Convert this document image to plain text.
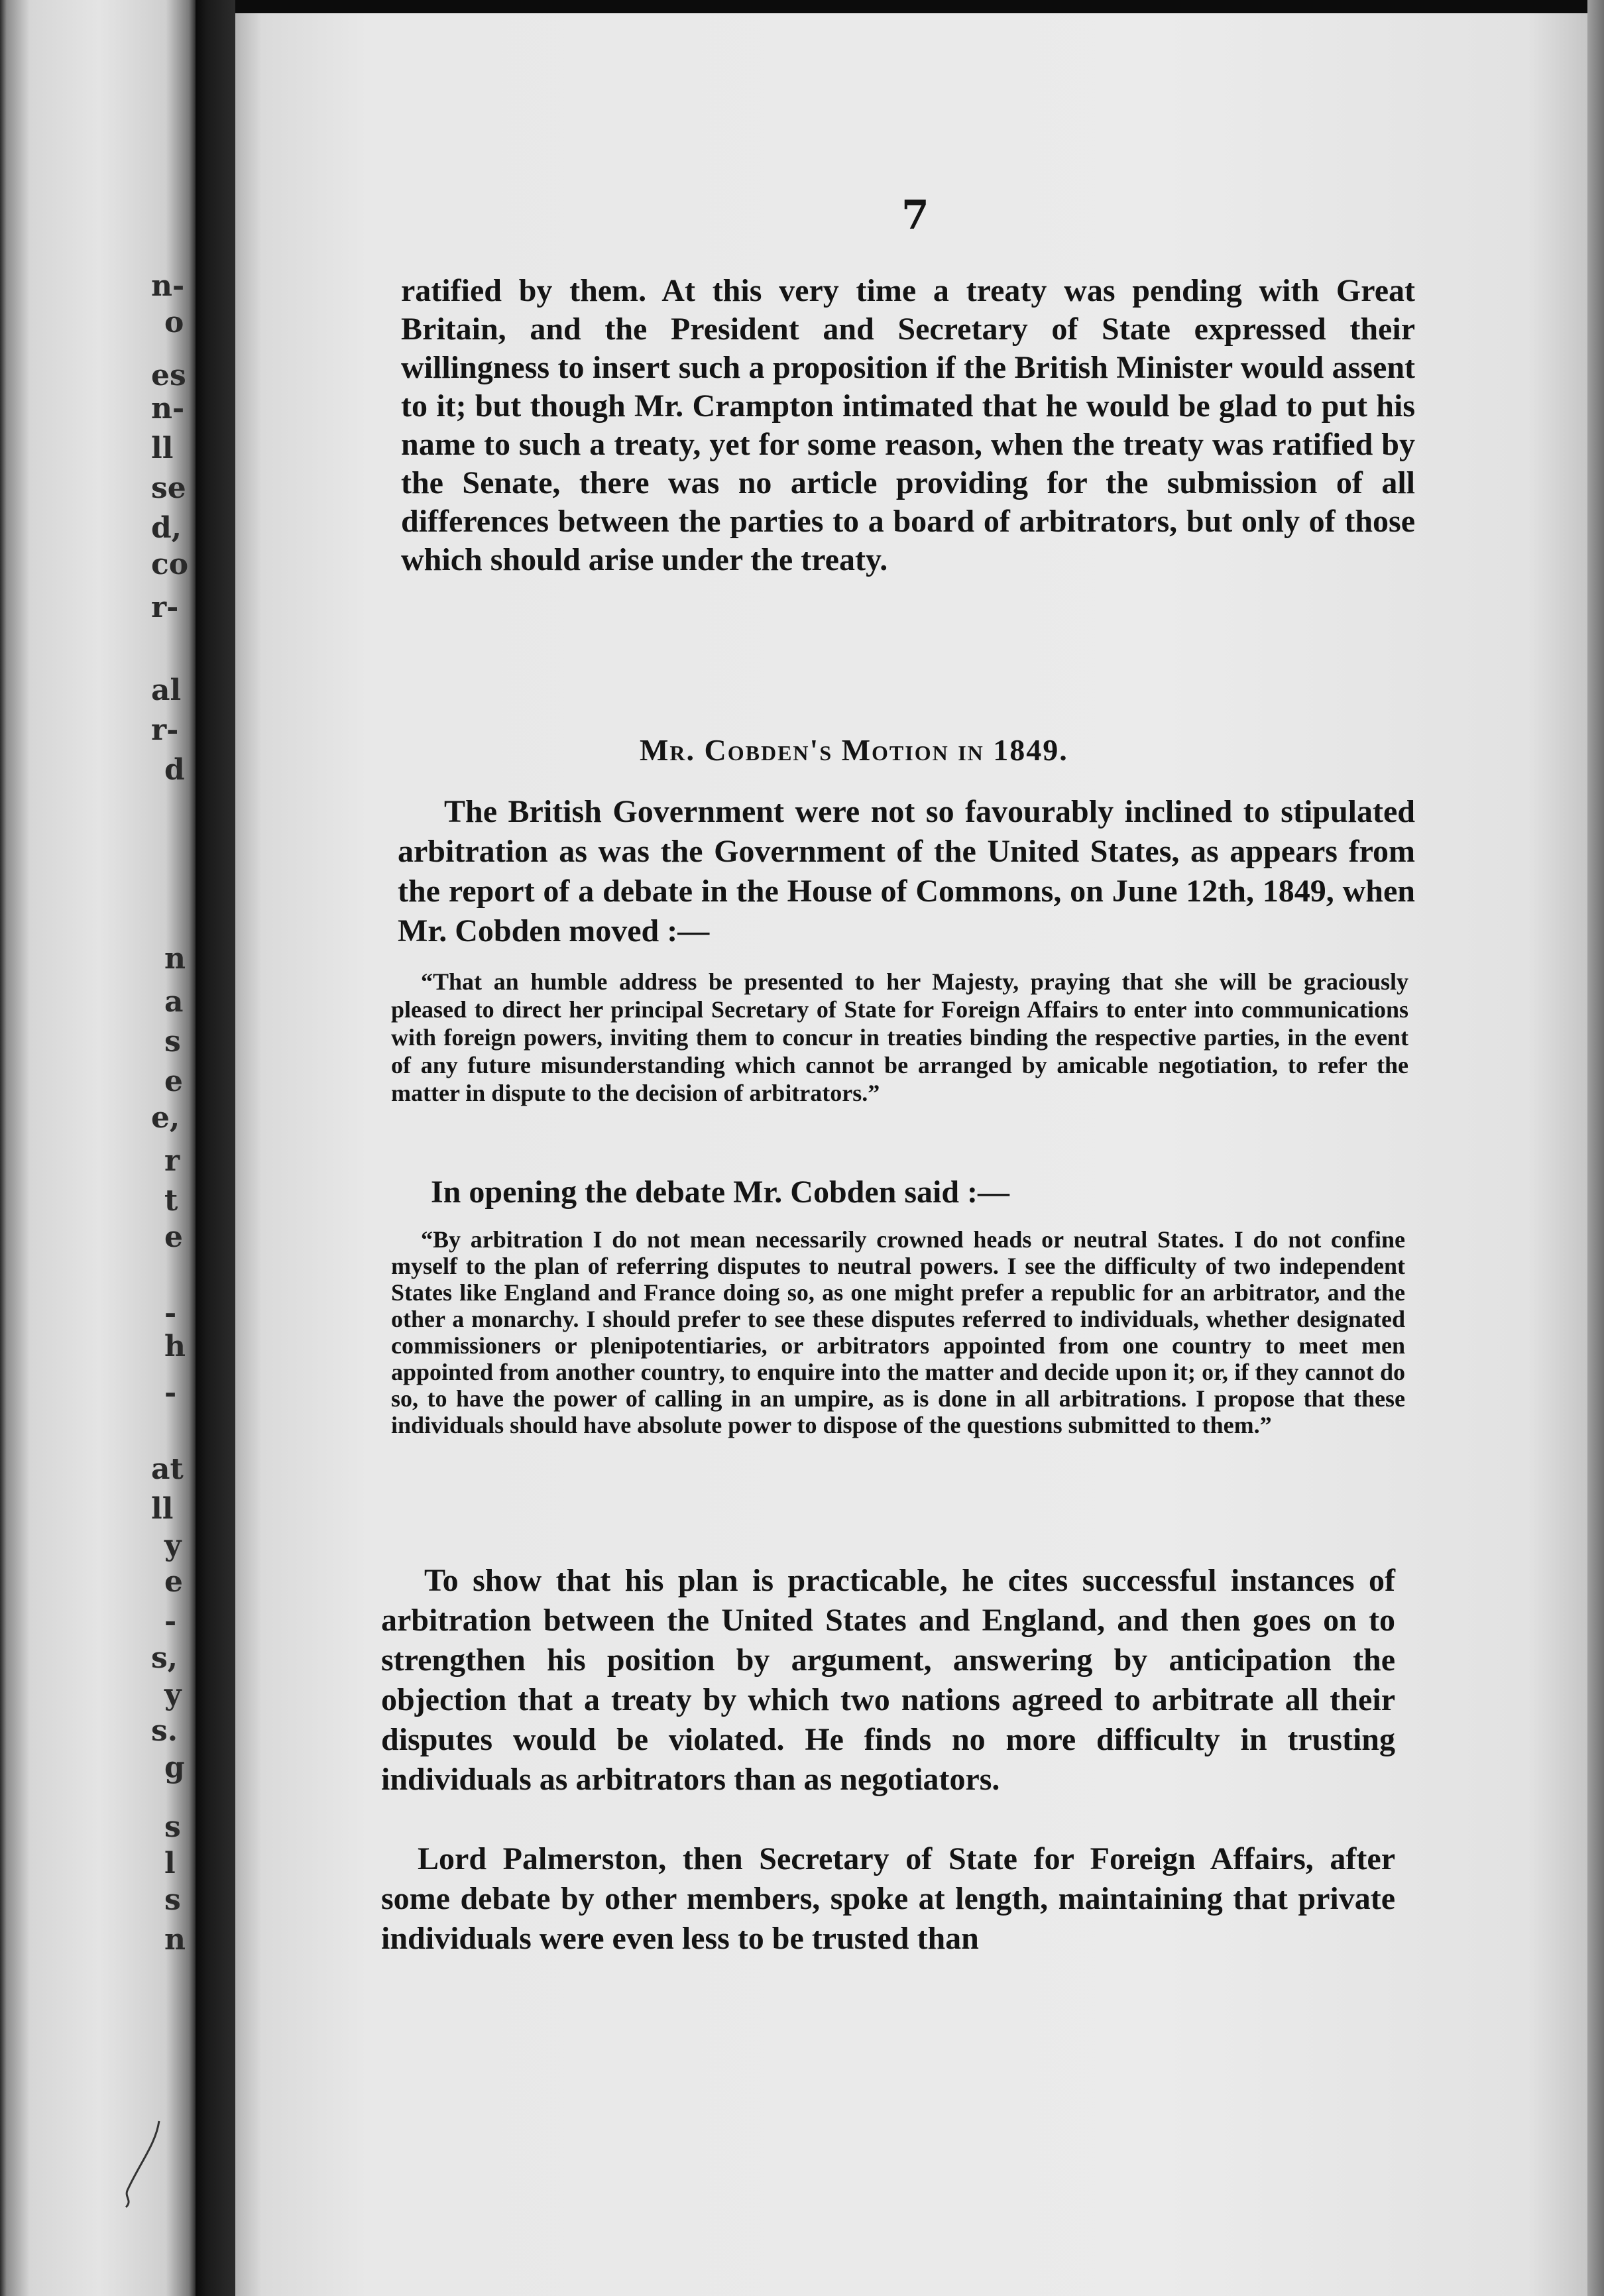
n-
o
es
n-
ll
se
d,
co
r-
al
r-
d
n
a
s
e
e,
r
t
e
-
h
-
at
ll
y
e
-
s,
y
s.
g
s
l
s
n
7
ratified by them. At this very time a treaty was pending with Great Britain, and the President and Secretary of State expressed their willingness to insert such a proposition if the British Minister would assent to it; but though Mr. Crampton intimated that he would be glad to put his name to such a treaty, yet for some reason, when the treaty was ratified by the Senate, there was no article providing for the submission of all differences between the parties to a board of arbitrators, but only of those which should arise under the treaty.
Mr. Cobden's Motion in 1849.
The British Government were not so favourably inclined to stipulated arbitration as was the Government of the United States, as appears from the report of a debate in the House of Commons, on June 12th, 1849, when Mr. Cobden moved :—
“That an humble address be presented to her Majesty, praying that she will be graciously pleased to direct her principal Secretary of State for Foreign Affairs to enter into communications with foreign powers, inviting them to concur in treaties binding the respective parties, in the event of any future misunderstanding which cannot be arranged by amicable negotiation, to refer the matter in dispute to the decision of arbitrators.”
In opening the debate Mr. Cobden said :—
“By arbitration I do not mean necessarily crowned heads or neutral States. I do not confine myself to the plan of referring disputes to neutral powers. I see the difficulty of two independent States like England and France doing so, as one might prefer a republic for an arbitrator, and the other a monarchy. I should prefer to see these disputes referred to individuals, whether designated commissioners or plenipotentiaries, or arbitrators appointed from one country to meet men appointed from another country, to enquire into the matter and decide upon it; or, if they cannot do so, to have the power of calling in an umpire, as is done in all arbitrations. I propose that these individuals should have absolute power to dispose of the questions submitted to them.”
To show that his plan is practicable, he cites successful instances of arbitration between the United States and England, and then goes on to strengthen his position by argument, answering by anticipation the objection that a treaty by which two nations agreed to arbitrate all their disputes would be violated. He finds no more difficulty in trusting individuals as arbitrators than as negotiators.
Lord Palmerston, then Secretary of State for Foreign Affairs, after some debate by other members, spoke at length, maintaining that private individuals were even less to be trusted than
